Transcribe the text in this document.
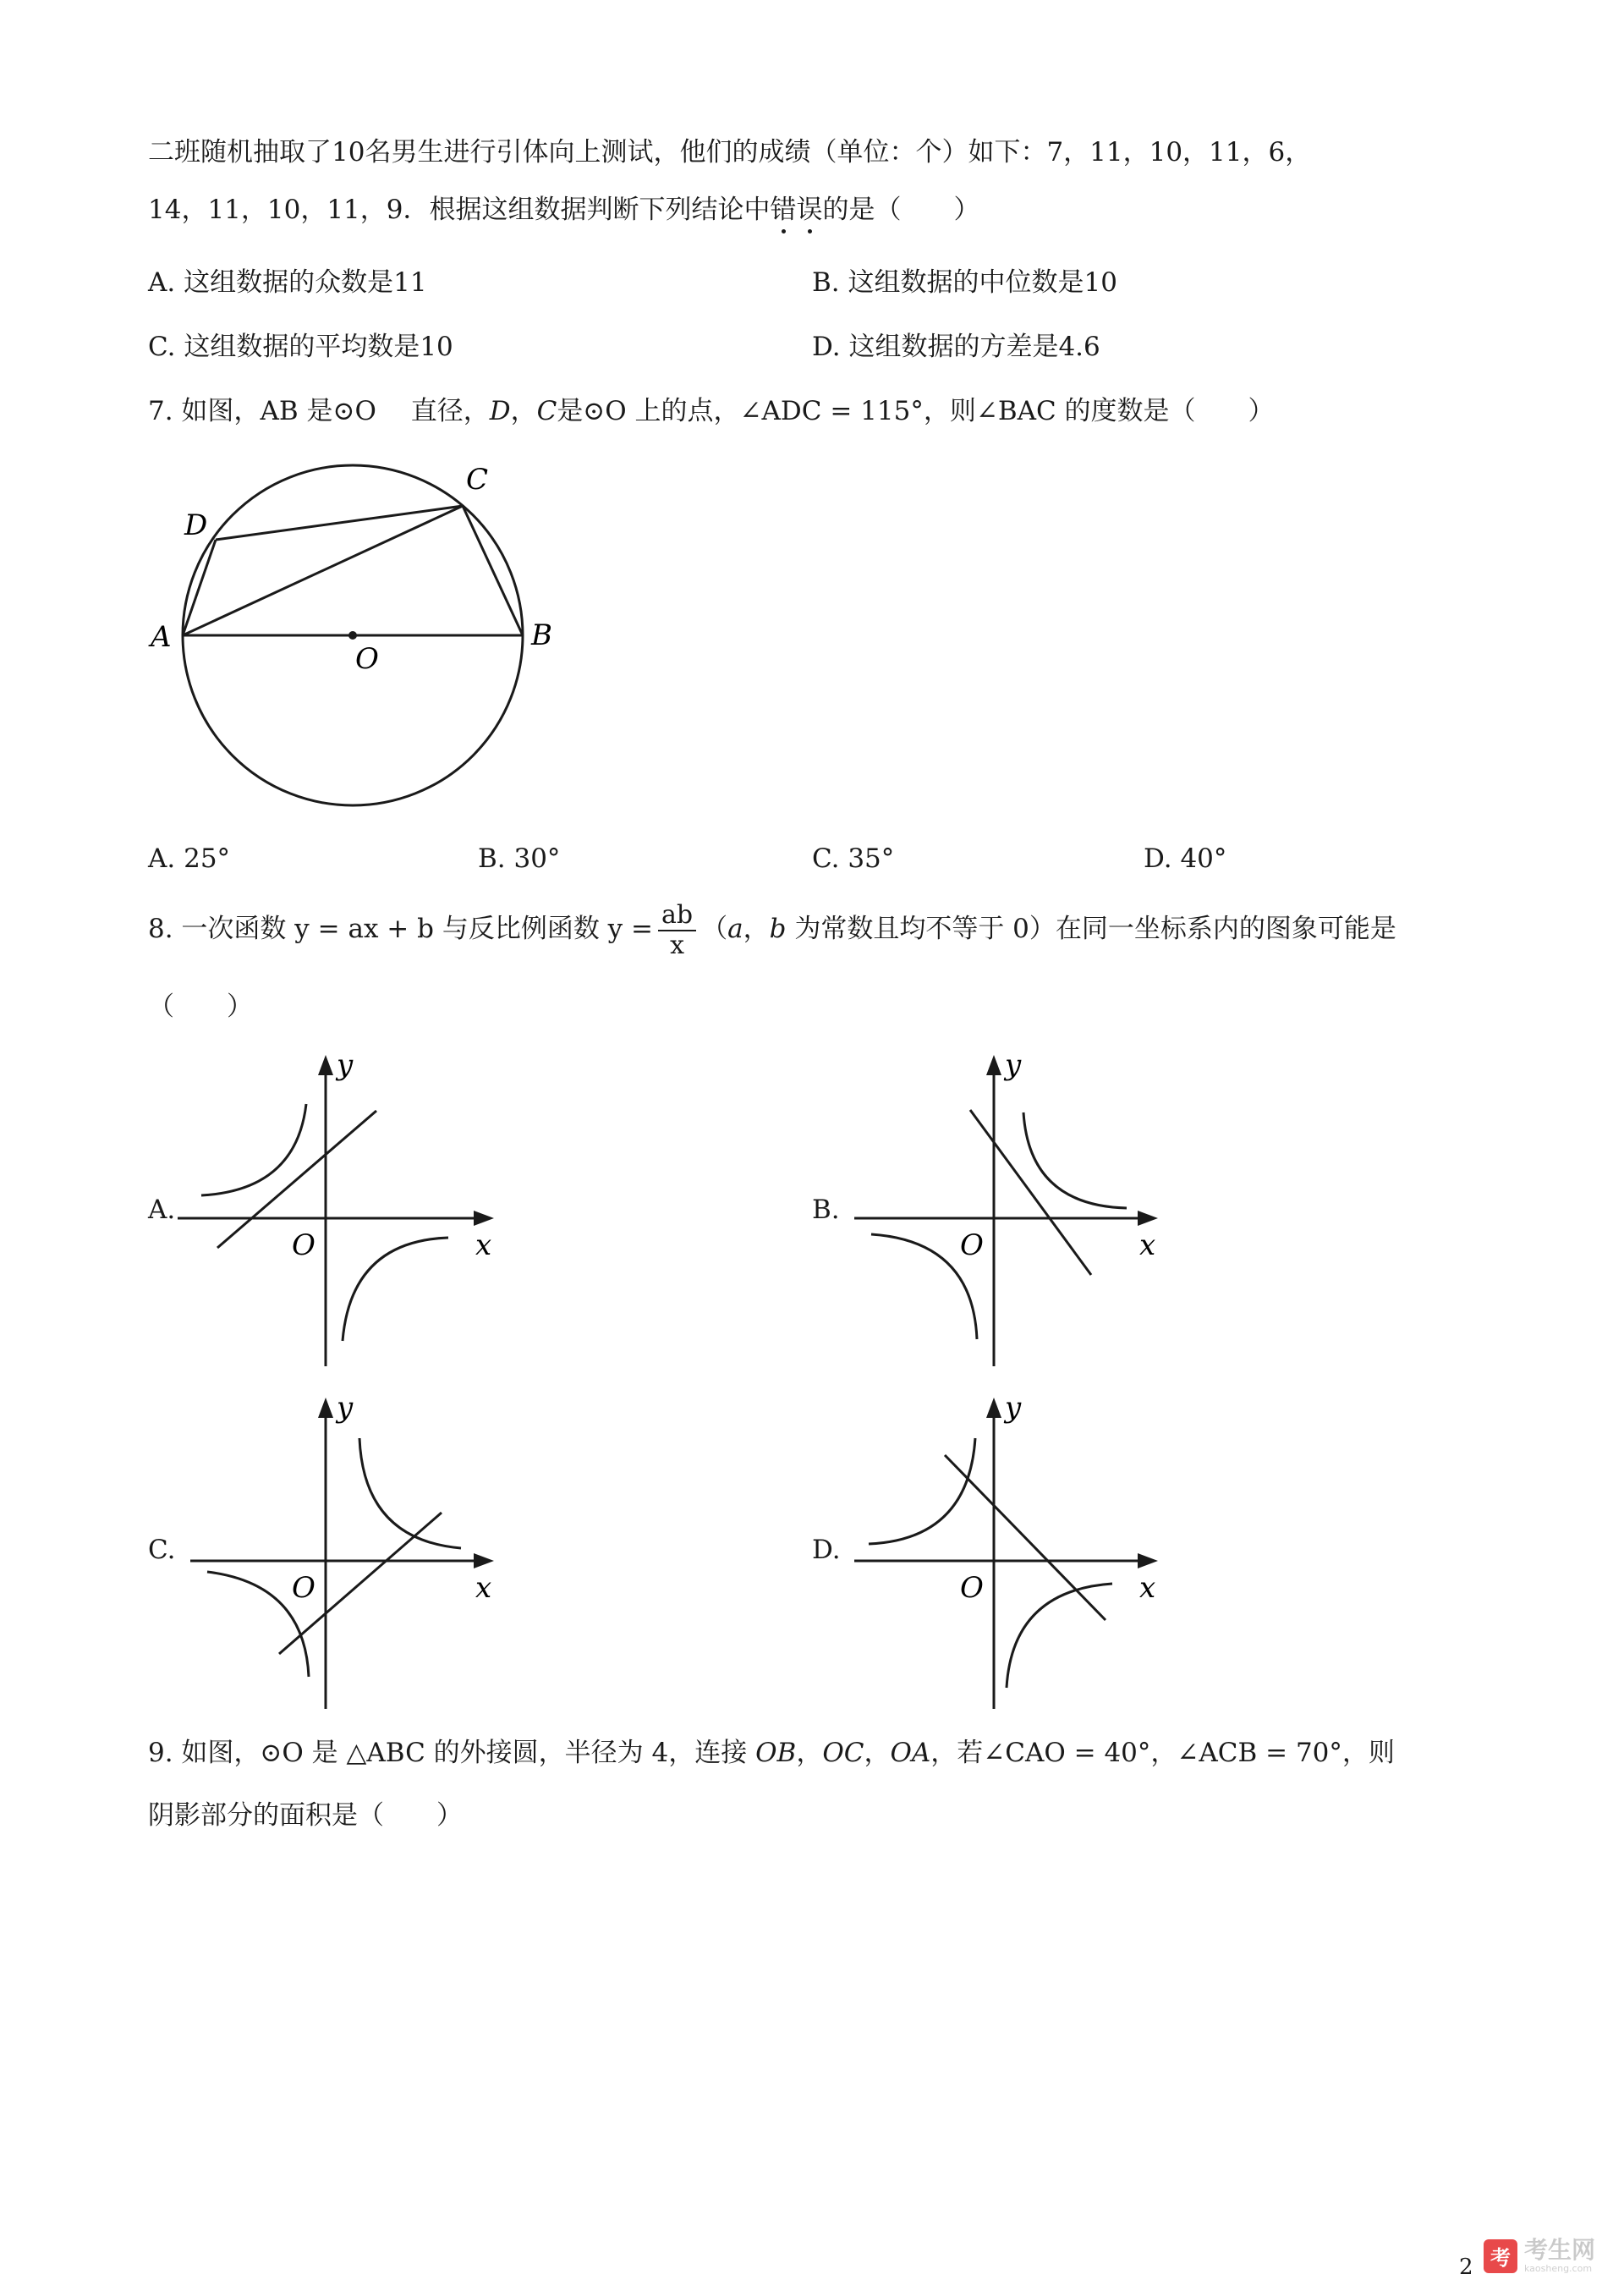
二班随机抽取了10名男生进行引体向上测试，他们的成绩（单位：个）如下：7，11，10，11，6，
14，11，10，11，9．根据这组数据判断下列结论中错误的是（　　）
A. 这组数据的众数是11	B. 这组数据的中位数是10
C. 这组数据的平均数是10	D. 这组数据的方差是4.6
7. 如图，AB 是⊙O　 直径，D，C是⊙O 上的点，∠ADC = 115°，则∠BAC 的度数是（　　）
A	B
C
D
O
A. 25°	B. 30°	C. 35°	D. 40°
8. 一次函数 y = ax + b 与反比例函数 $y = \frac{ab}{x} (a$，b 为常数且均不等于 0）在同一坐标系内的图象可能是
（　　）
A.
y
x
O
B.
y
x
O
C.
y
x
O
D.
y
x
O
9. 如图，⊙O 是 △ABC 的外接圆，半径为 4，连接 OB，OC，OA，若∠CAO = 40°，∠ACB = 70°，则
阴影部分的面积是（　　）
2 考 考生网
kaosheng.com
